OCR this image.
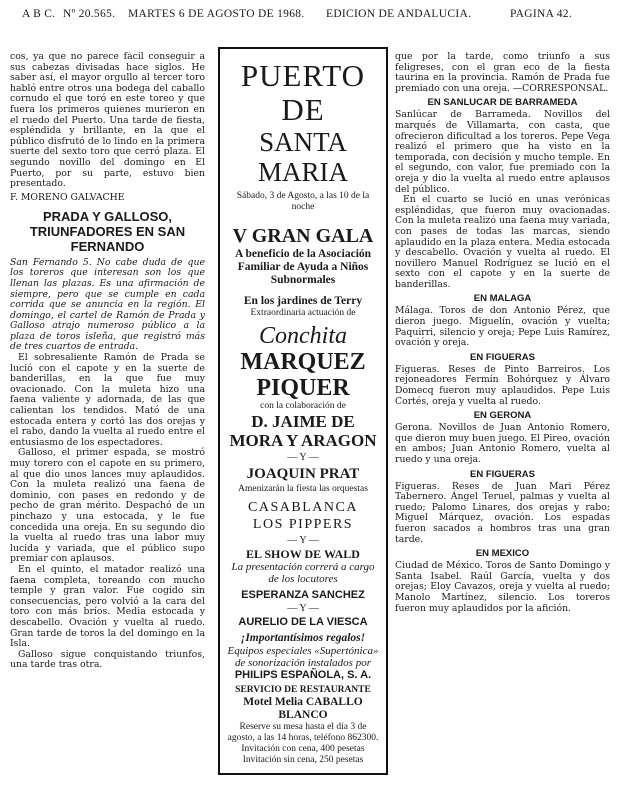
A B C. Nº 20.565. MARTES 6 DE AGOSTO DE 1968. EDICION DE ANDALUCIA.	PAGINA 42.

cos, ya que no parece fácil conseguir a sus cabezas divisadas hace siglos. He saber así, el mayor orgullo al tercer toro habló entre otros una bodega del caballo cornudo el que toró en este toreo y que fuera los primeros quienes murieron en el ruedo del Puerto. Una tarde de fiesta, espléndida y brillante, en la que el público disfrutó de lo lindo en la primera suerte del sexto toro que cerró plaza. El segundo novillo del domingo en El Puerto, por su parte, estuvo bien presentado.

F. MORENO GALVACHE
PRADA Y GALLOSO, TRIUNFADORES EN SAN FERNANDO

San Fernando 5. No cabe duda de que los toreros que interesan son los que llenan las plazas. Es una afirmación de siempre, pero que se cumple en cada corrida que se anuncia en la región. El domingo, el cartel de Ramón de Prada y Galloso atrajo numeroso público a la plaza de toros isleña, que registró más de tres cuartos de entrada.

El sobresaliente Ramón de Prada se lució con el capote y en la suerte de banderillas, en la que fue muy ovacionado. Con la muleta hizo una faena valiente y adornada, de las que calientan los tendidos. Mató de una estocada entera y cortó las dos orejas y el rabo, dando la vuelta al ruedo entre el entusiasmo de los espectadores.

Galloso, el primer espada, se mostró muy torero con el capote en su primero, al que dio unos lances muy aplaudidos. Con la muleta realizó una faena de dominio, con pases en redondo y de pecho de gran mérito. Despachó de un pinchazo y una estocada, y le fue concedida una oreja. En su segundo dio la vuelta al ruedo tras una labor muy lucida y variada, que el público supo premiar con aplausos.

En el quinto, el matador realizó una faena completa, toreando con mucho temple y gran valor. Fue cogido sin consecuencias, pero volvió a la cara del toro con más bríos. Media estocada y descabello. Ovación y vuelta al ruedo. Gran tarde de toros la del domingo en la Isla.

Galloso sigue conquistando triunfos, una tarde tras otra.

PUERTO DE
SANTA MARIA
Sábado, 3 de Agosto, a las 10 de la noche
V GRAN GALA
A beneficio de la Asociación Familiar de Ayuda a Niños Subnormales
En los jardines de Terry
Extraordinaria actuación de
Conchita
MARQUEZ PIQUER
con la colaboración de
D. JAIME DE MORA Y ARAGON
— Y —
JOAQUIN PRAT
Amenizarán la fiesta las orquestas
CASABLANCA
LOS PIPPERS
— Y —
EL SHOW DE WALD
La presentación correrá a cargo de los locutores
ESPERANZA SANCHEZ
— Y —
AURELIO DE LA VIESCA
¡Importantísimos regalos!
Equipos especiales «Supertónica» de sonorización instalados por
PHILIPS ESPAÑOLA, S. A.
SERVICIO DE RESTAURANTE
Motel Melia CABALLO BLANCO
Reserve su mesa hasta el día 3 de agosto, a las 14 horas, teléfono 862300. Invitación con cena, 400 pesetas
Invitación sin cena, 250 pesetas

que por la tarde, como triunfo a sus feligreses, con el gran eco de la fiesta taurina en la provincia. Ramón de Prada fue premiado con una oreja. —CORRESPONSAL.

EN SANLUCAR DE BARRAMEDA

Sanlúcar de Barrameda. Novillos del marqués de Villamarta, con casta, que ofrecieron dificultad a los toreros. Pepe Vega realizó el primero que ha visto en la temporada, con decisión y mucho temple. En el segundo, con valor, fue premiado con la oreja y dio la vuelta al ruedo entre aplausos del público.

En el cuarto se lució en unas verónicas espléndidas, que fueron muy ovacionadas. Con la muleta realizó una faena muy variada, con pases de todas las marcas, siendo aplaudido en la plaza entera. Media estocada y descabello. Ovación y vuelta al ruedo. El novillero Manuel Rodríguez se lució en el sexto con el capote y en la suerte de banderillas.

EN MALAGA

Málaga. Toros de don Antonio Pérez, que dieron juego. Miguelín, ovación y vuelta; Paquirri, silencio y oreja; Pepe Luis Ramírez, ovación y oreja.

EN FIGUERAS

Figueras. Reses de Pinto Barreiros. Los rejoneadores Fermín Bohórquez y Álvaro Domecq fueron muy aplaudidos. Pepe Luis Cortés, oreja y vuelta al ruedo.

EN GERONA

Gerona. Novillos de Juan Antonio Romero, que dieron muy buen juego. El Pireo, ovación en ambos; Juan Antonio Romero, vuelta al ruedo y una oreja.

EN FIGUERAS

Figueras. Reses de Juan Mari Pérez Tabernero. Ángel Teruel, palmas y vuelta al ruedo; Palomo Linares, dos orejas y rabo; Miguel Márquez, ovación. Los espadas fueron sacados a hombros tras una gran tarde.

EN MEXICO

Ciudad de México. Toros de Santo Domingo y Santa Isabel. Raúl García, vuelta y dos orejas; Eloy Cavazos, oreja y vuelta al ruedo; Manolo Martínez, silencio. Los toreros fueron muy aplaudidos por la afición.
